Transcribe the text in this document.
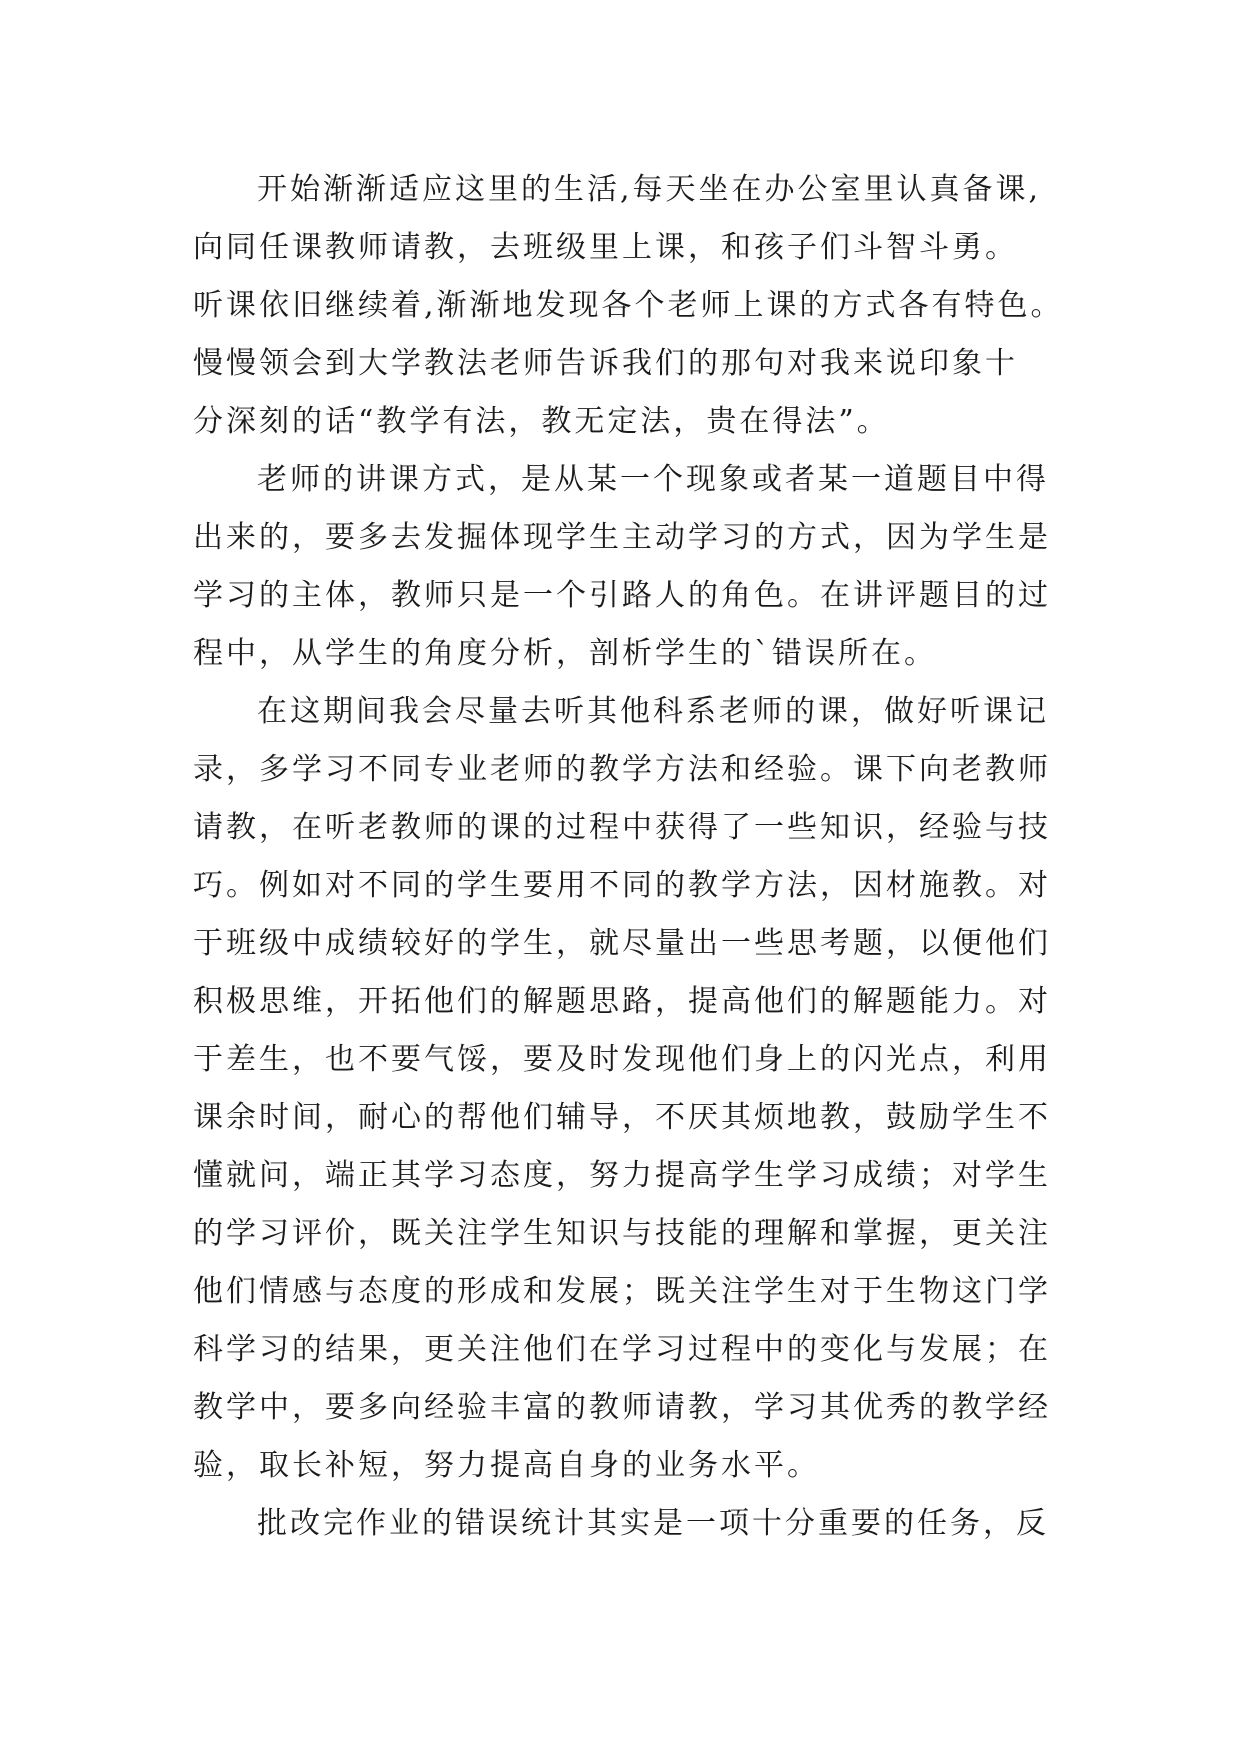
开始渐渐适应这里的生活,每天坐在办公室里认真备课,
向同任课教师请教，去班级里上课，和孩子们斗智斗勇。
听课依旧继续着,渐渐地发现各个老师上课的方式各有特色。
慢慢领会到大学教法老师告诉我们的那句对我来说印象十
分深刻的话“教学有法，教无定法，贵在得法”。
老师的讲课方式，是从某一个现象或者某一道题目中得
出来的，要多去发掘体现学生主动学习的方式，因为学生是
学习的主体，教师只是一个引路人的角色。在讲评题目的过
程中，从学生的角度分析，剖析学生的`错误所在。
在这期间我会尽量去听其他科系老师的课，做好听课记
录，多学习不同专业老师的教学方法和经验。课下向老教师
请教，在听老教师的课的过程中获得了一些知识，经验与技
巧。例如对不同的学生要用不同的教学方法，因材施教。对
于班级中成绩较好的学生，就尽量出一些思考题，以便他们
积极思维，开拓他们的解题思路，提高他们的解题能力。对
于差生，也不要气馁，要及时发现他们身上的闪光点，利用
课余时间，耐心的帮他们辅导，不厌其烦地教，鼓励学生不
懂就问，端正其学习态度，努力提高学生学习成绩；对学生
的学习评价，既关注学生知识与技能的理解和掌握，更关注
他们情感与态度的形成和发展；既关注学生对于生物这门学
科学习的结果，更关注他们在学习过程中的变化与发展；在
教学中，要多向经验丰富的教师请教，学习其优秀的教学经
验，取长补短，努力提高自身的业务水平。
批改完作业的错误统计其实是一项十分重要的任务，反
